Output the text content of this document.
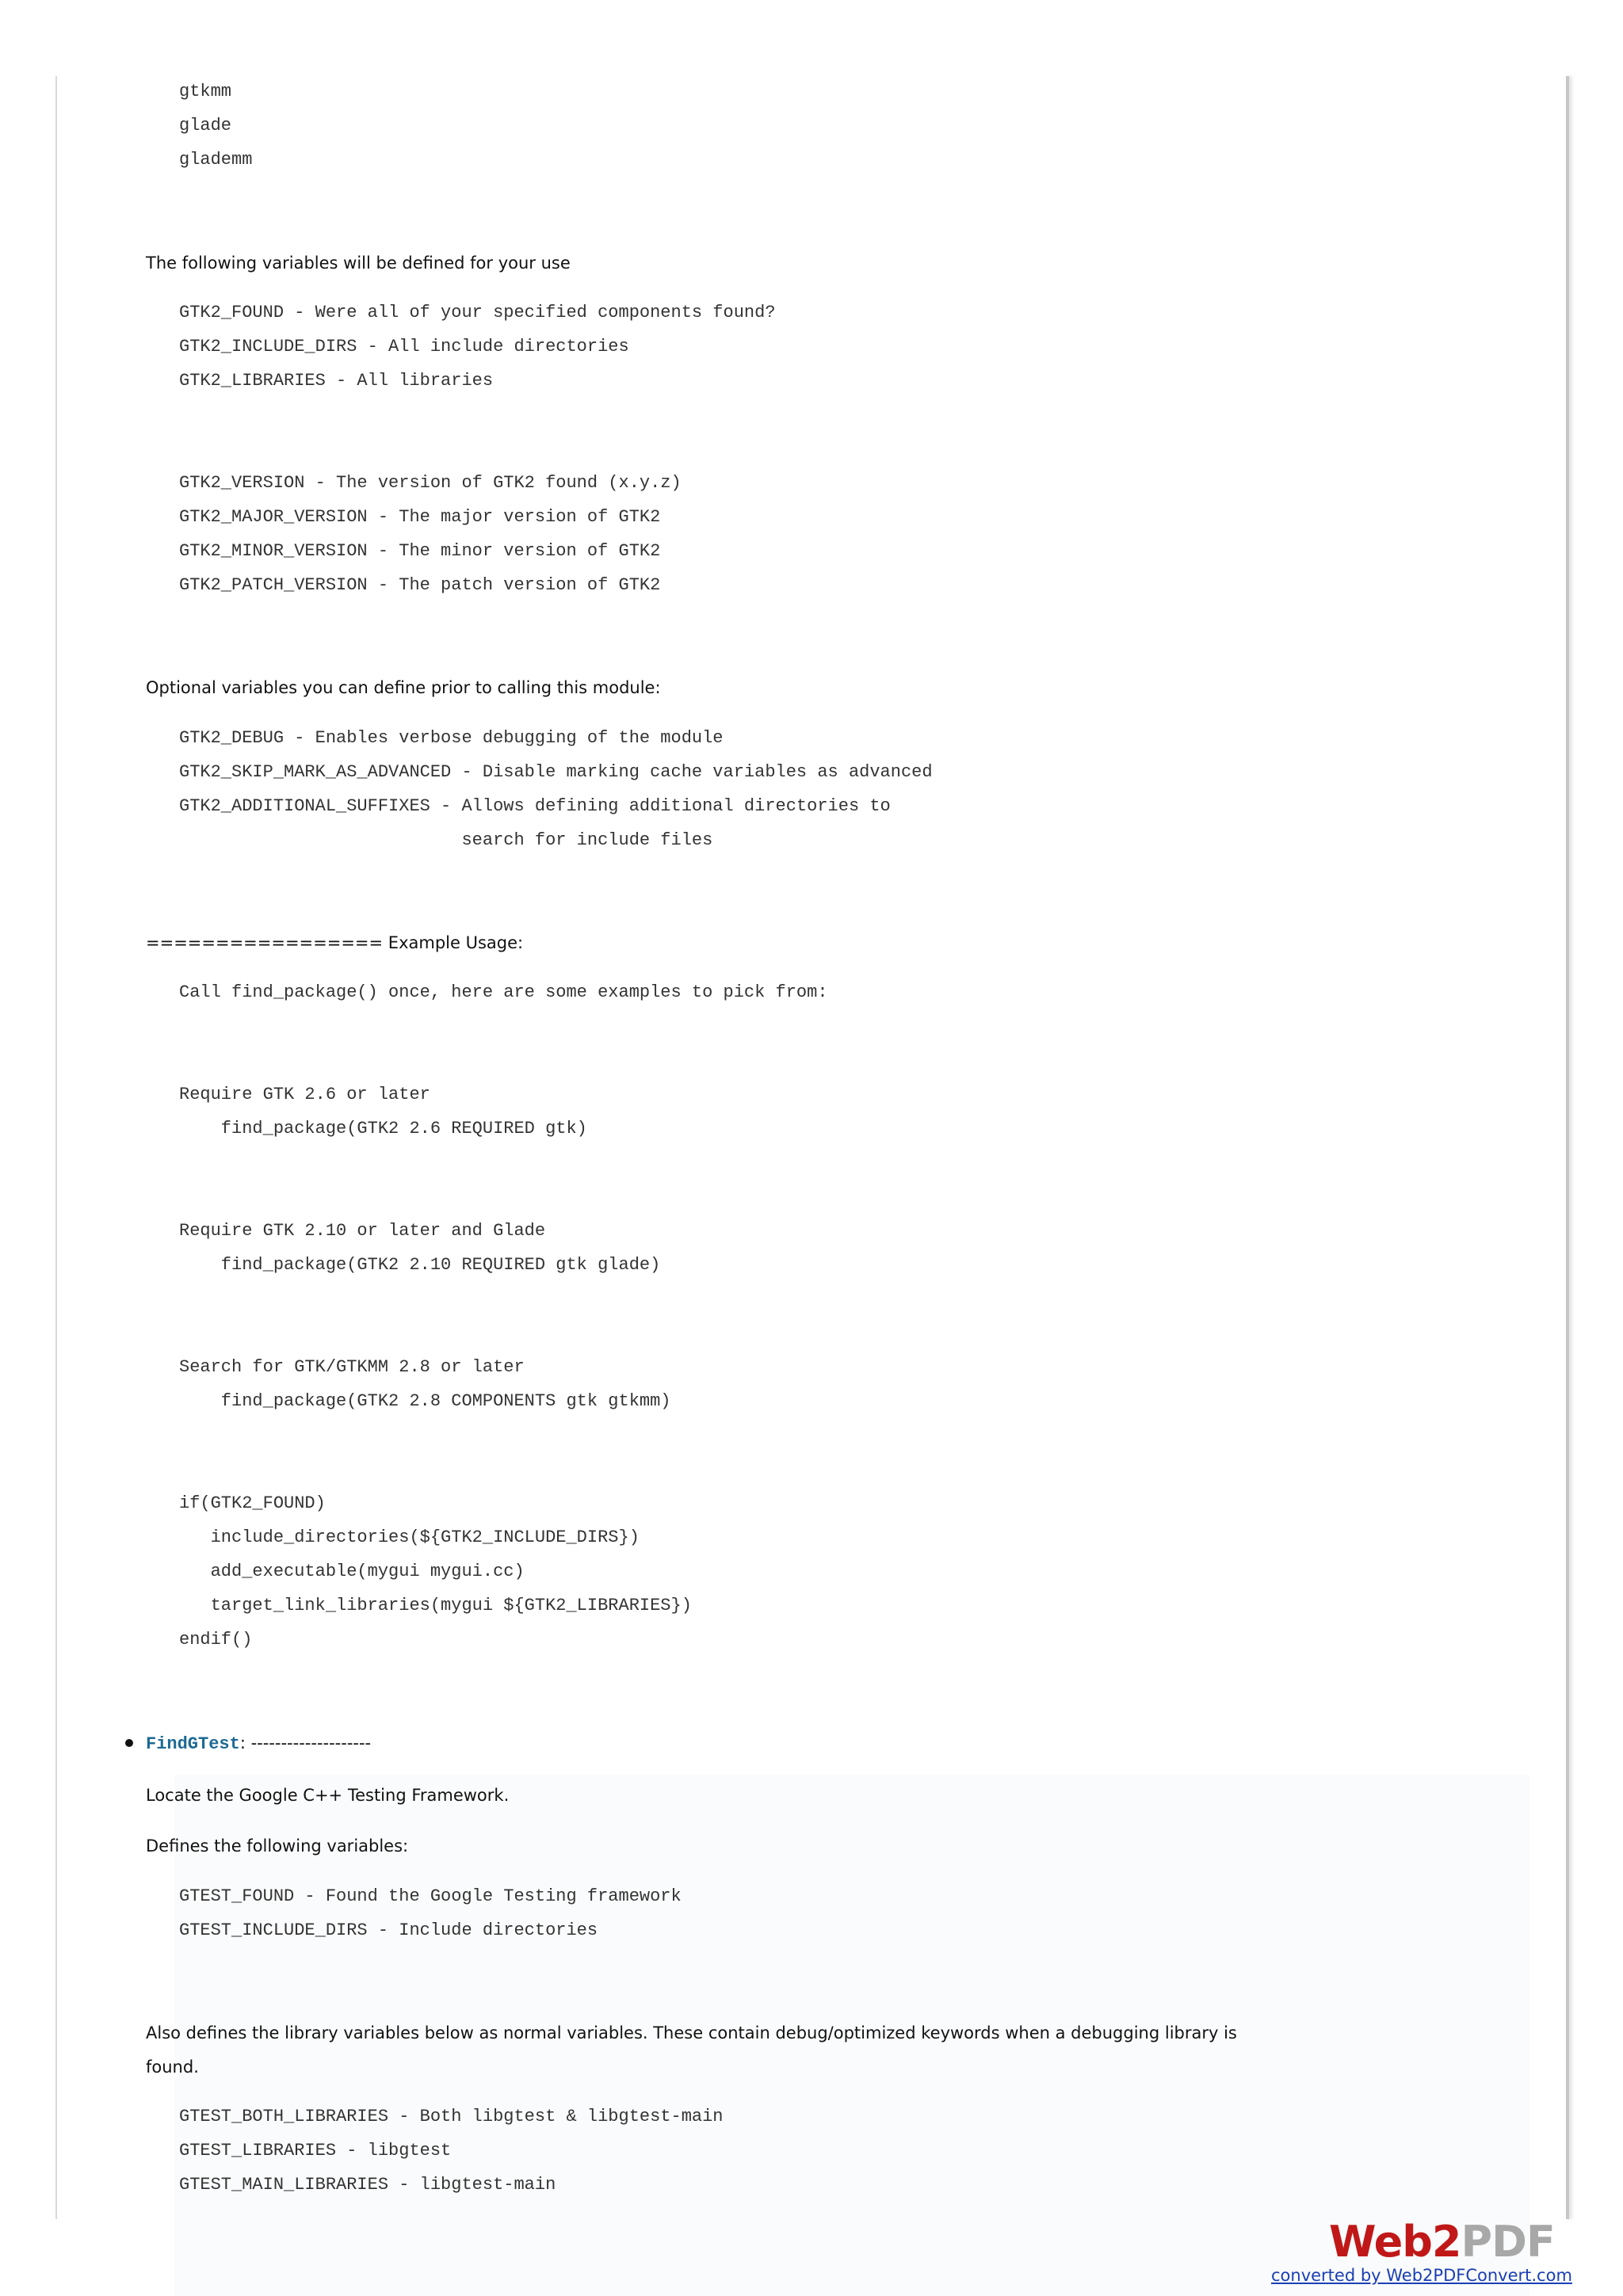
gtkmm
glade
glademm
The following variables will be defined for your use
GTK2_FOUND - Were all of your specified components found?
GTK2_INCLUDE_DIRS - All include directories
GTK2_LIBRARIES - All libraries
GTK2_VERSION - The version of GTK2 found (x.y.z)
GTK2_MAJOR_VERSION - The major version of GTK2
GTK2_MINOR_VERSION - The minor version of GTK2
GTK2_PATCH_VERSION - The patch version of GTK2
Optional variables you can define prior to calling this module:
GTK2_DEBUG - Enables verbose debugging of the module
GTK2_SKIP_MARK_AS_ADVANCED - Disable marking cache variables as advanced
GTK2_ADDITIONAL_SUFFIXES - Allows defining additional directories to
search for include files
================= Example Usage:
Call find_package() once, here are some examples to pick from:
Require GTK 2.6 or later
find_package(GTK2 2.6 REQUIRED gtk)
Require GTK 2.10 or later and Glade
find_package(GTK2 2.10 REQUIRED gtk glade)
Search for GTK/GTKMM 2.8 or later
find_package(GTK2 2.8 COMPONENTS gtk gtkmm)
if(GTK2_FOUND)
include_directories(${GTK2_INCLUDE_DIRS})
add_executable(mygui mygui.cc)
target_link_libraries(mygui ${GTK2_LIBRARIES})
endif()
FindGTest: --------------------
Locate the Google C++ Testing Framework.
Defines the following variables:
GTEST_FOUND - Found the Google Testing framework
GTEST_INCLUDE_DIRS - Include directories
Also defines the library variables below as normal variables. These contain debug/optimized keywords when a debugging library is
found.
GTEST_BOTH_LIBRARIES - Both libgtest & libgtest-main
GTEST_LIBRARIES - libgtest
GTEST_MAIN_LIBRARIES - libgtest-main
Web2PDF
converted by Web2PDFConvert.com
